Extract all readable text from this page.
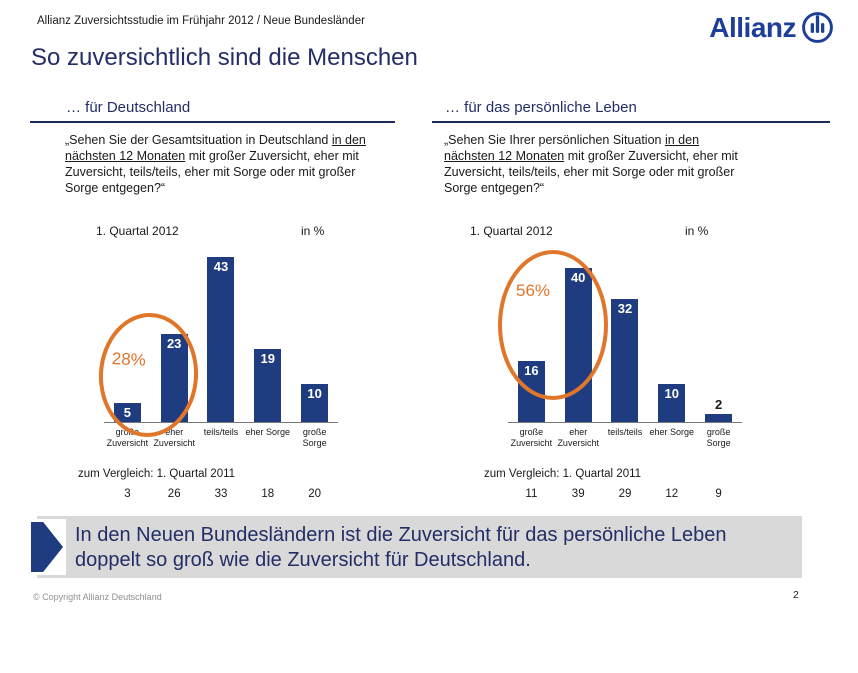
Allianz Zuversichtsstudie im Frühjahr 2012 / Neue Bundesländer	Allianz
So zuversichtlich sind die Menschen
… für Deutschland

„Sehen Sie der Gesamtsituation in Deutschland in den nächsten 12 Monaten mit großer Zuversicht, eher mit Zuversicht, teils/teils, eher mit Sorge oder mit großer Sorge entgegen?“

1. Quartal 2012	in %
5
23
43
19
10
28%
große
Zuversicht
eher
Zuversicht
teils/teils eher Sorge	große
Sorge
zum Vergleich: 1. Quartal 2011
3	26	33	18	20
… für das persönliche Leben

„Sehen Sie Ihrer persönlichen Situation in den nächsten 12 Monaten mit großer Zuversicht, eher mit Zuversicht, teils/teils, eher mit Sorge oder mit großer Sorge entgegen?“

1. Quartal 2012	in %
16
40
32
10
2
56%
große
Zuversicht
eher
Zuversicht
teils/teils eher Sorge	große
Sorge
zum Vergleich: 1. Quartal 2011
11	39	29	12	9
In den Neuen Bundesländern ist die Zuversicht für das persönliche Leben
doppelt so groß wie die Zuversicht für Deutschland.
© Copyright Allianz Deutschland	2
